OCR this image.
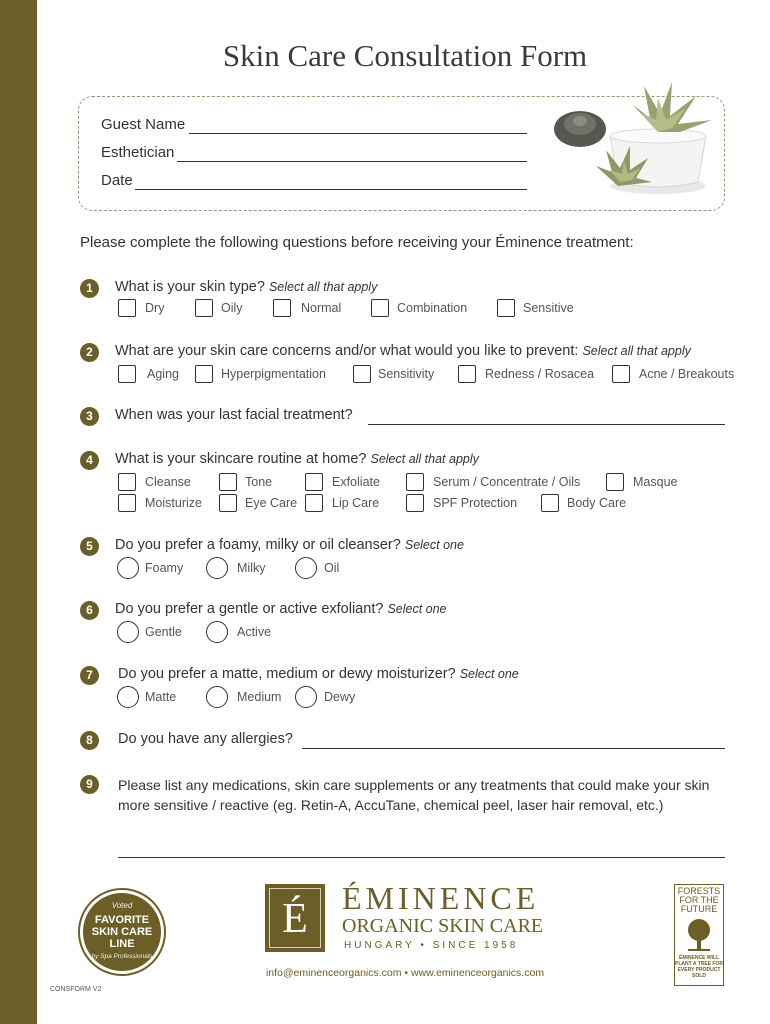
Skin Care Consultation Form
Guest Name
Esthetician
Date
Please complete the following questions before receiving your Éminence treatment:
1	What is your skin type? Select all that apply
Dry	Oily	Normal	Combination	Sensitive
2	What are your skin care concerns and/or what would you like to prevent: Select all that apply
Aging	Hyperpigmentation	Sensitivity	Redness / Rosacea	Acne / Breakouts
3	When was your last facial treatment?
4	What is your skincare routine at home? Select all that apply
Cleanse	Tone	Exfoliate	Serum / Concentrate / Oils	Masque
Moisturize	Eye Care	Lip Care	SPF Protection	Body Care
5	Do you prefer a foamy, milky or oil cleanser? Select one
Foamy	Milky	Oil
6	Do you prefer a gentle or active exfoliant? Select one
Gentle	Active
7	Do you prefer a matte, medium or dewy moisturizer? Select one
Matte	Medium	Dewy
8	Do you have any allergies?
9	Please list any medications, skin care supplements or any treatments that could make your skin more sensitive / reactive (eg. Retin-A, AccuTane, chemical peel, laser hair removal, etc.)
Voted
FAVORITE SKIN CARE LINE
by Spa Professionals
É	ÉMINENCE
ORGANIC SKIN CARE
HUNGARY • SINCE 1958
info@eminenceorganics.com • www.eminenceorganics.com
FORESTS FOR THE FUTURE
ÉMINENCE WILL PLANT A TREE FOR EVERY PRODUCT SOLD
CONSFORM V2
